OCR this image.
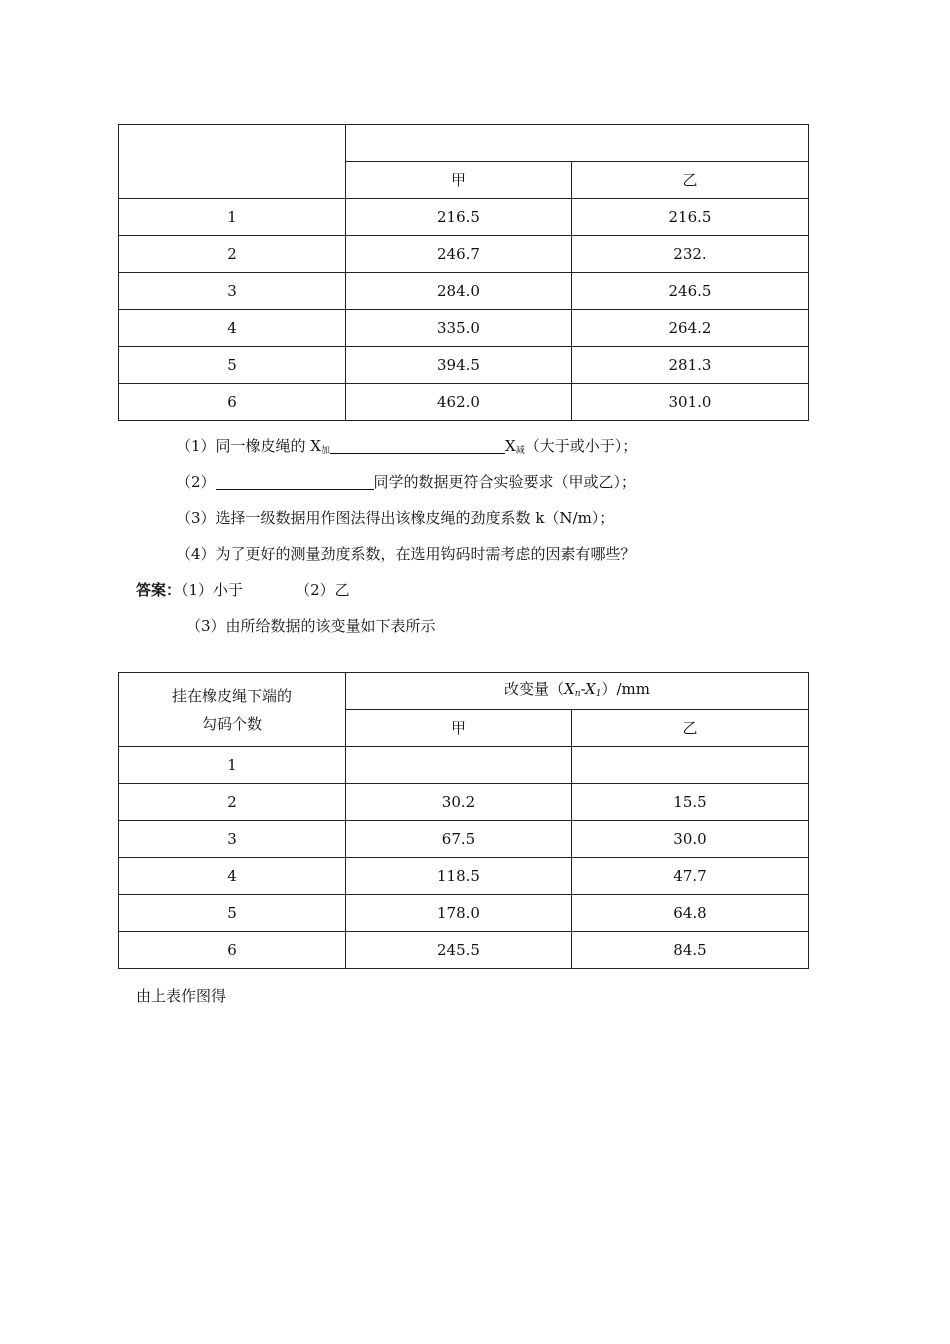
	甲	乙
1	216.5	216.5
2	246.7	232.
3	284.0	246.5
4	335.0	264.2
5	394.5	281.3
6	462.0	301.0
（1）同一橡皮绳的 $X_加$	$X_减$（大于或小于）；
（2）	同学的数据更符合实验要求（甲或乙）；
（3）选择一级数据用作图法得出该橡皮绳的劲度系数 k（N/m）；
（4）为了更好的测量劲度系数，在选用钩码时需考虑的因素有哪些？
答案：（1）小于	（2）乙
（3）由所给数据的该变量如下表所示
挂在橡皮绳下端的
勾码个数	改变量$(X_n-X_1)/mm$	
	甲	乙
1		
2	30.2	15.5
3	67.5	30.0
4	118.5	47.7
5	178.0	64.8
6	245.5	84.5
由上表作图得
